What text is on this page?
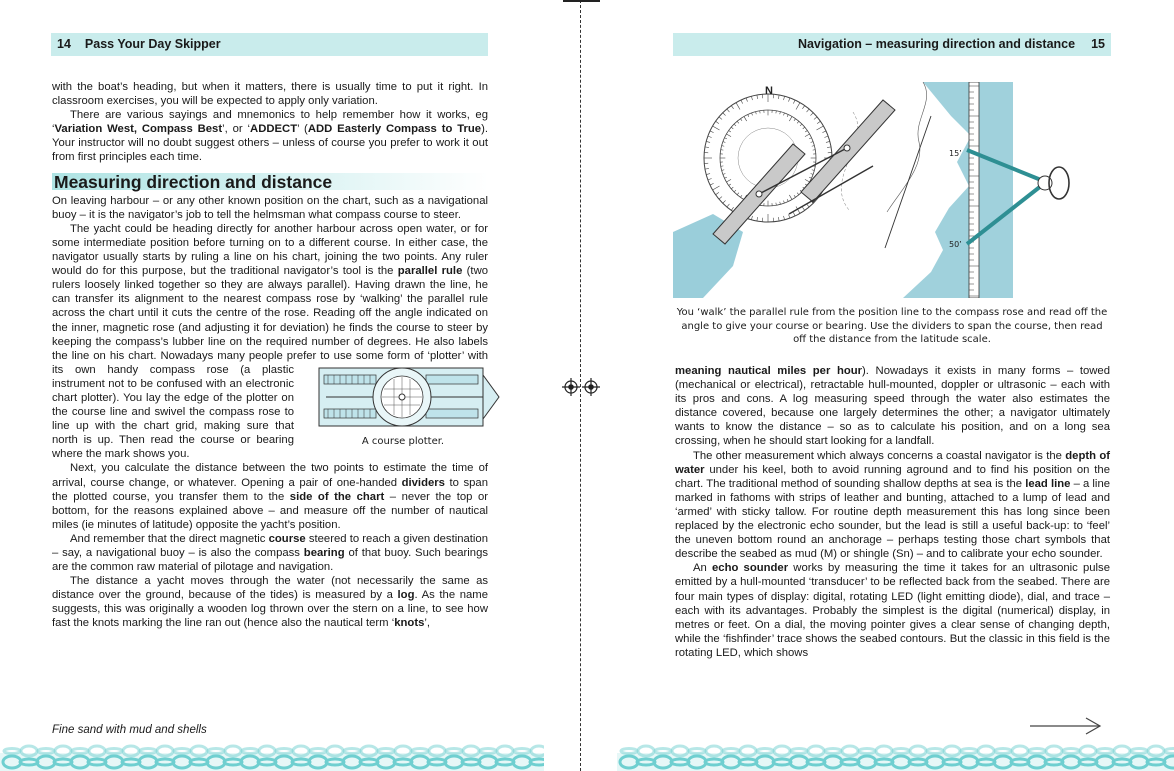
14 Pass Your Day Skipper

with the boat’s heading, but when it matters, there is usually time to put it right. In classroom exercises, you will be expected to apply only variation.

There are various sayings and mnemonics to help remember how it works, eg ‘Variation West, Compass Best’, or ‘ADDECT’ (ADD Easterly Compass to True). Your instructor will no doubt suggest others – unless of course you prefer to work it out from first principles each time.

Measuring direction and distance

On leaving harbour – or any other known position on the chart, such as a navigational buoy – it is the navigator’s job to tell the helmsman what compass course to steer.

The yacht could be heading directly for another harbour across open water, or for some intermediate position before turning on to a different course. In either case, the navigator usually starts by ruling a line on his chart, joining the two points. Any ruler would do for this purpose, but the traditional navigator’s tool is the parallel rule (two rulers loosely linked together so they are always parallel). Having drawn the line, he can transfer its alignment to the nearest compass rose by ‘walking’ the parallel rule across the chart until it cuts the centre of the rose. Reading off the angle indicated on the inner, magnetic rose (and adjusting it for deviation) he finds the course to steer by keeping the compass’s lubber line on the required number of degrees. He also labels the line on his chart. Nowadays many people prefer to use some form of ‘plotter’
A course plotter.
with its own handy compass rose (a plastic instrument not to be confused with an electronic chart plotter). You lay the edge of the plotter on the course line and swivel the compass rose to line up with the chart grid, making sure that north is up. Then read the course or bearing where the mark shows you.

Next, you calculate the distance between the two points to estimate the time of arrival, course change, or whatever. Opening a pair of one-handed dividers to span the plotted course, you transfer them to the side of the chart – never the top or bottom, for the reasons explained above – and measure off the number of nautical miles (ie minutes of latitude) opposite the yacht’s position.

And remember that the direct magnetic course steered to reach a given destination – say, a navigational buoy – is also the compass bearing of that buoy. Such bearings are the common raw material of pilotage and navigation.

The distance a yacht moves through the water (not necessarily the same as distance over the ground, because of the tides) is measured by a log. As the name suggests, this was originally a wooden log thrown over the stern on a line, to see how fast the knots marking the line ran out (hence also the nautical term ‘knots’,

Fine sand with mud and shells
Navigation – measuring direction and distance 15
N
15’
50’
You ‘walk’ the parallel rule from the position line to the compass rose and read off the angle to give your course or bearing. Use the dividers to span the course, then read off the distance from the latitude scale.

meaning nautical miles per hour). Nowadays it exists in many forms – towed (mechanical or electrical), retractable hull-mounted, doppler or ultrasonic – each with its pros and cons. A log measuring speed through the water also estimates the distance covered, because one largely determines the other; a navigator ultimately wants to know the distance – so as to calculate his position, and on a long sea crossing, when he should start looking for a landfall.

The other measurement which always concerns a coastal navigator is the depth of water under his keel, both to avoid running aground and to find his position on the chart. The traditional method of sounding shallow depths at sea is the lead line – a line marked in fathoms with strips of leather and bunting, attached to a lump of lead and ‘armed’ with sticky tallow. For routine depth measurement this has long since been replaced by the electronic echo sounder, but the lead is still a useful back-up: to ‘feel’ the uneven bottom round an anchorage – perhaps testing those chart symbols that describe the seabed as mud (M) or shingle (Sn) – and to calibrate your echo sounder.

An echo sounder works by measuring the time it takes for an ultrasonic pulse emitted by a hull-mounted ‘transducer’ to be reflected back from the seabed. There are four main types of display: digital, rotating LED (light emitting diode), dial, and trace – each with its advantages. Probably the simplest is the digital (numerical) display, in metres or feet. On a dial, the moving pointer gives a clear sense of changing depth, while the ‘fishfinder’ trace shows the seabed contours. But the classic in this field is the rotating LED, which shows
